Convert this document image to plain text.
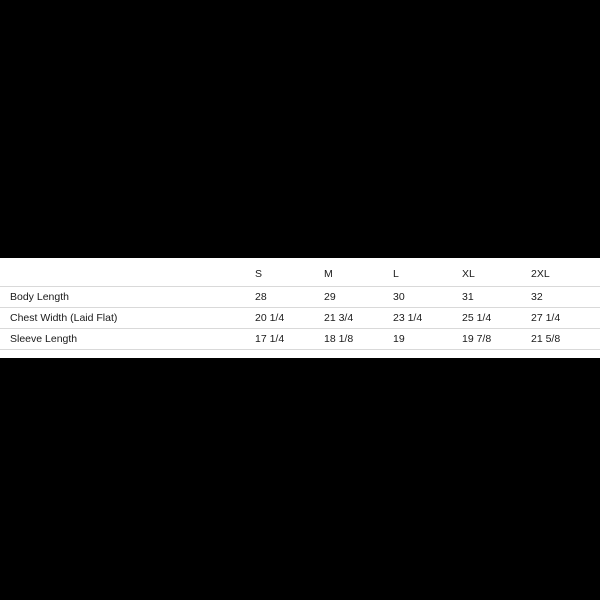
	S	M	L	XL	2XL
Body Length	28	29	30	31	32
Chest Width (Laid Flat)	20 1/4	21 3/4	23 1/4	25 1/4	27 1/4
Sleeve Length	17 1/4	18 1/8	19	19 7/8	21 5/8
